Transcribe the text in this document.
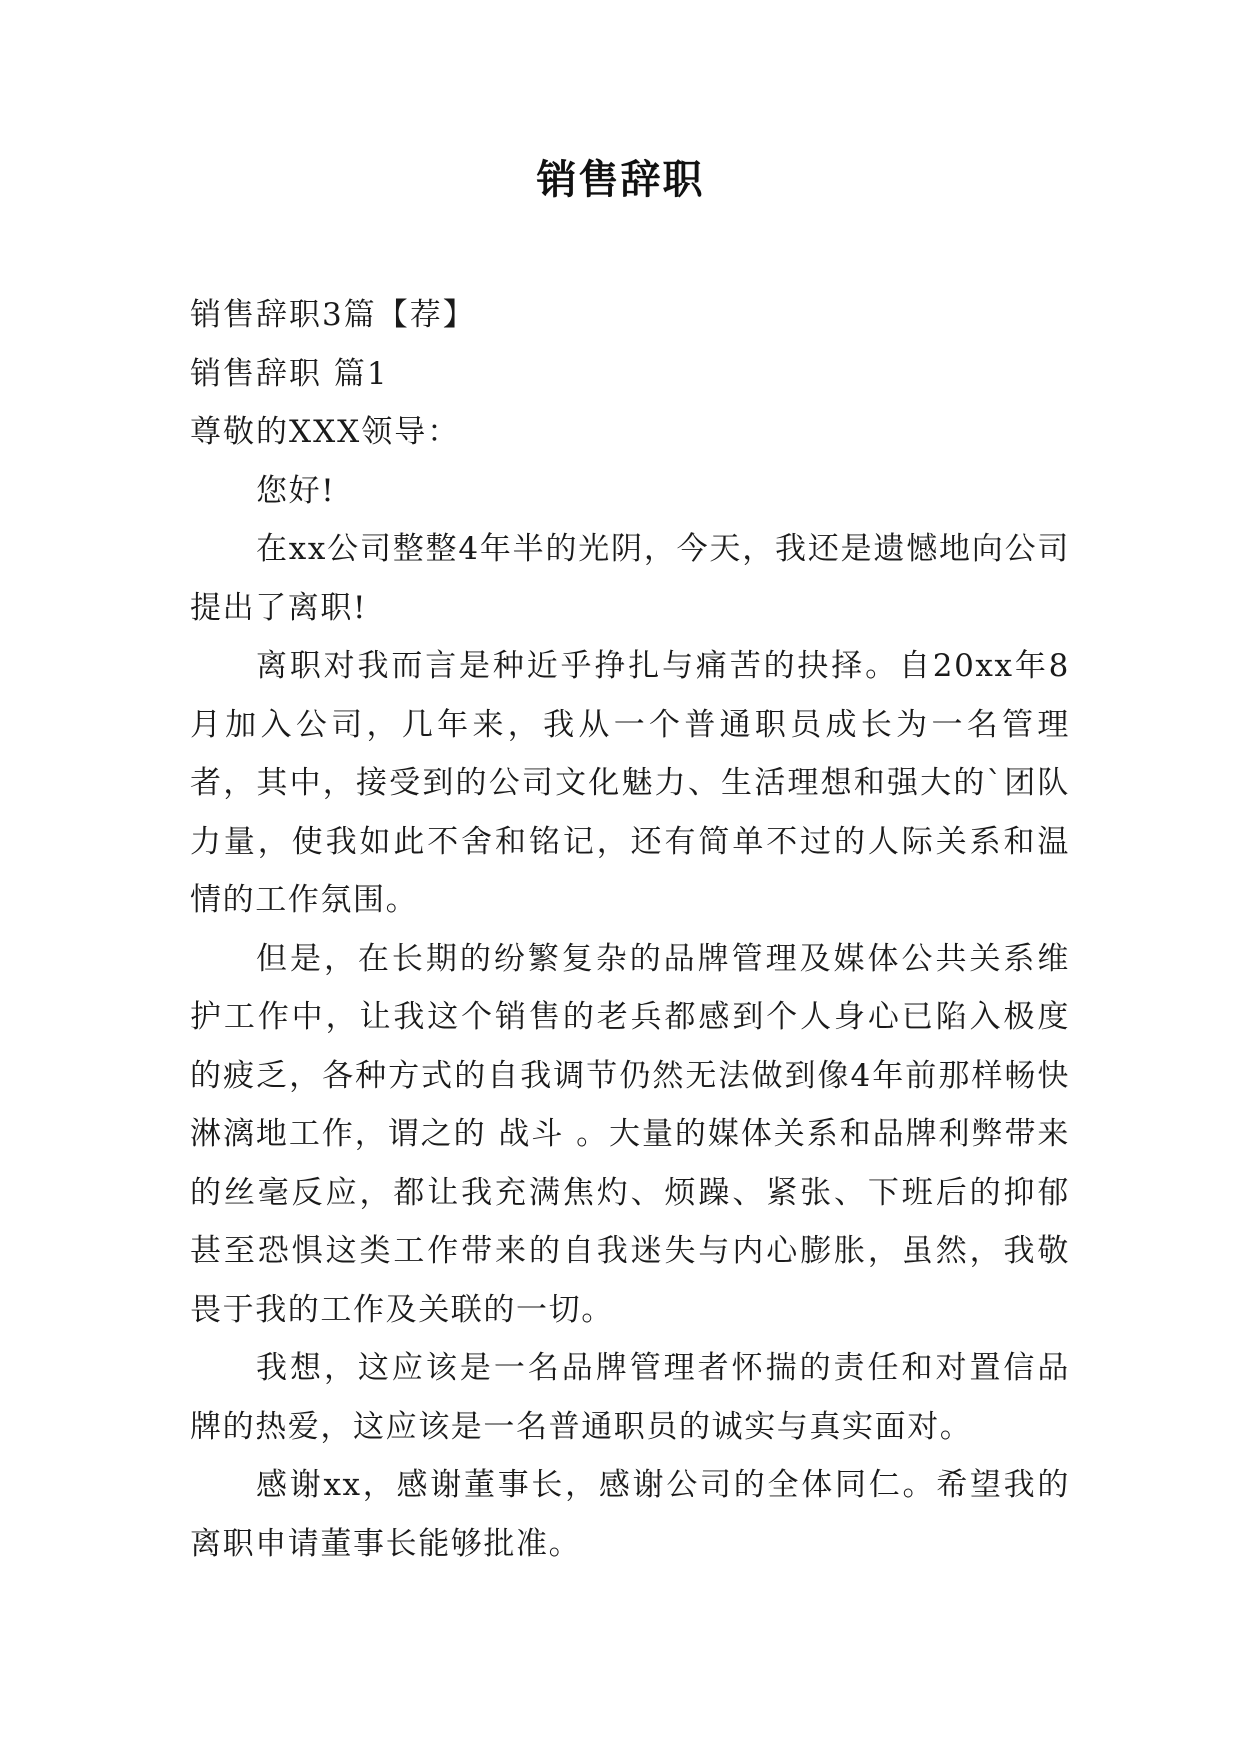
销售辞职
销售辞职3篇【荐】
销售辞职 篇1
尊敬的XXX领导：

您好!

在xx公司整整4年半的光阴，今天，我还是遗憾地向公司提出了离职!

离职对我而言是种近乎挣扎与痛苦的抉择。自20xx年8月加入公司，几年来，我从一个普通职员成长为一名管理者，其中，接受到的公司文化魅力、生活理想和强大的`团队力量，使我如此不舍和铭记，还有简单不过的人际关系和温情的工作氛围。

但是，在长期的纷繁复杂的品牌管理及媒体公共关系维护工作中，让我这个销售的老兵都感到个人身心已陷入极度的疲乏，各种方式的自我调节仍然无法做到像4年前那样畅快淋漓地工作，谓之的 战斗 。大量的媒体关系和品牌利弊带来的丝毫反应，都让我充满焦灼、烦躁、紧张、下班后的抑郁 甚至恐惧这类工作带来的自我迷失与内心膨胀，虽然，我敬畏于我的工作及关联的一切。

我想，这应该是一名品牌管理者怀揣的责任和对置信品牌的热爱，这应该是一名普通职员的诚实与真实面对。

感谢xx，感谢董事长，感谢公司的全体同仁。希望我的离职申请董事长能够批准。
